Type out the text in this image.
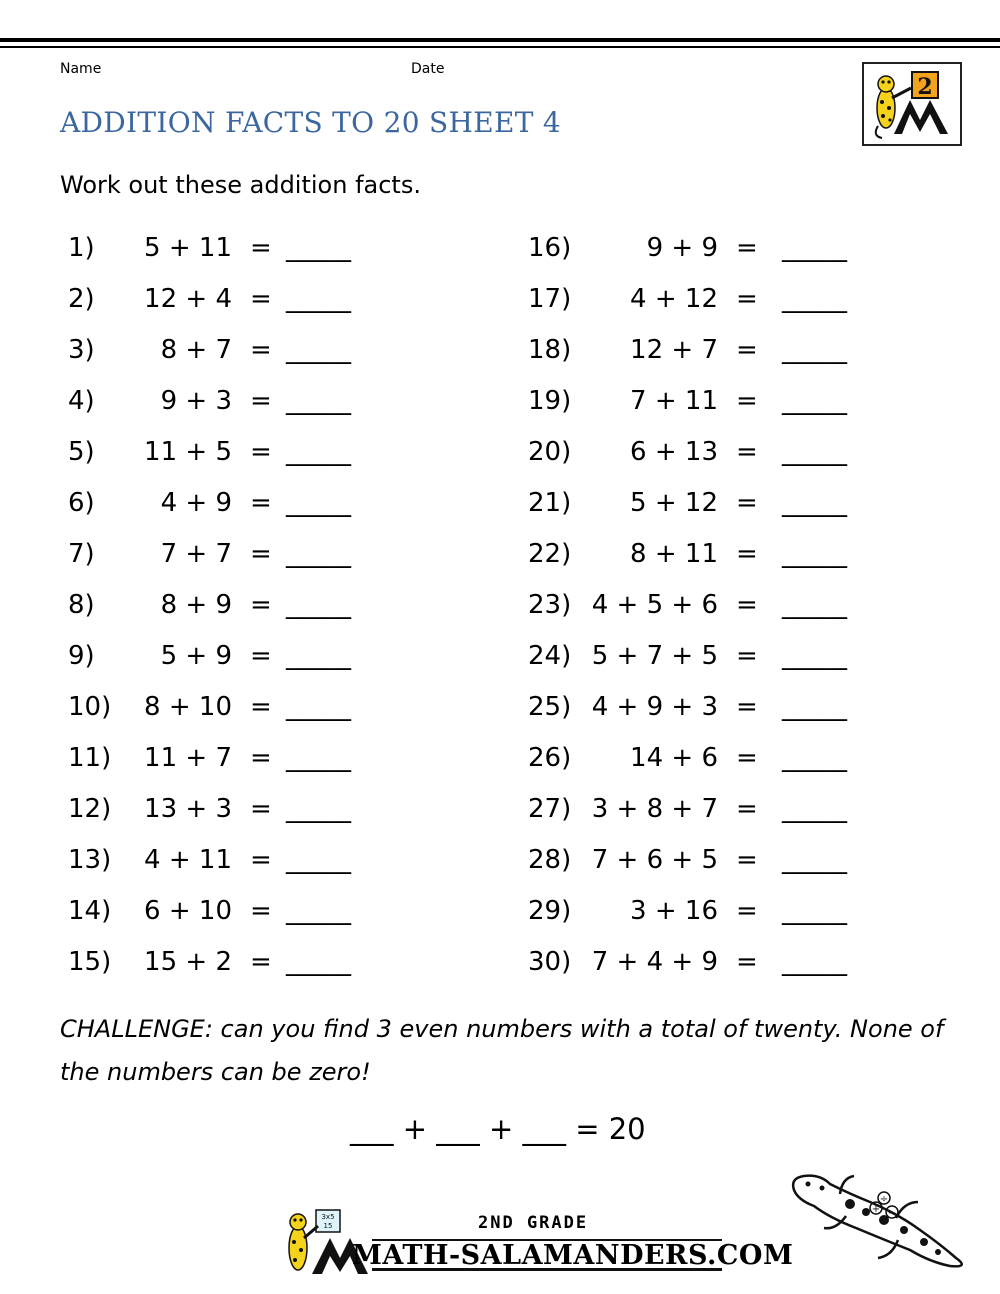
Name	Date
ADDITION FACTS TO 20 SHEET 4
2

Work out these addition facts.

1) 5 + 11 = _____
2) 12 + 4 = _____
3)	8 + 7 = _____
4)	9 + 3 = _____
5) 11 + 5 = _____
6)	4 + 9 = _____
7)	7 + 7 = _____
8)	8 + 9 = _____
9)	5 + 9 = _____
10) 8 + 10 = _____
11) 11 + 7 = _____
12) 13 + 3 = _____
13) 4 + 11 = _____
14) 6 + 10 = _____
15) 15 + 2 = _____
16)	9 + 9 = _____
17) 4 + 12 = _____
18) 12 + 7 = _____
19) 7 + 11 = _____
20) 6 + 13 = _____
21) 5 + 12 = _____
22) 8 + 11 = _____
23) 4 + 5 + 6 = _____
24) 5 + 7 + 5 = _____
25) 4 + 9 + 3 = _____
26) 14 + 6 = _____
27) 3 + 8 + 7 = _____
28) 7 + 6 + 5 = _____
29) 3 + 16 = _____
30) 7 + 4 + 9 = _____

CHALLENGE: can you find 3 even numbers with a total of twenty. None of the numbers can be zero!

___ + ___ + ___ = 20
3x5
15	2ND GRADE
MATH-SALAMANDERS.COM
+ −
÷
